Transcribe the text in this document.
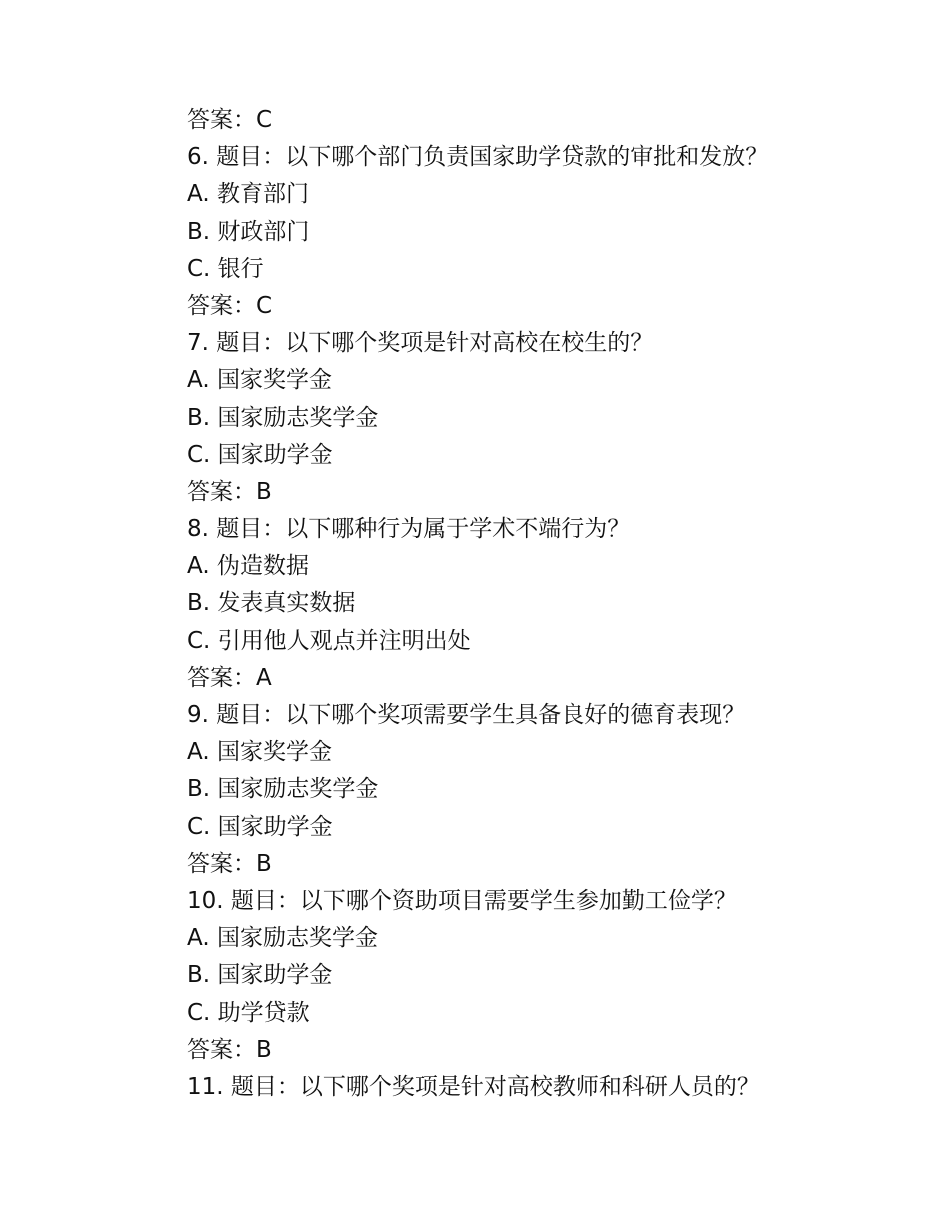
答案：C
6. 题目：以下哪个部门负责国家助学贷款的审批和发放？
A. 教育部门
B. 财政部门
C. 银行
答案：C
7. 题目：以下哪个奖项是针对高校在校生的？
A. 国家奖学金
B. 国家励志奖学金
C. 国家助学金
答案：B
8. 题目：以下哪种行为属于学术不端行为？
A. 伪造数据
B. 发表真实数据
C. 引用他人观点并注明出处
答案：A
9. 题目：以下哪个奖项需要学生具备良好的德育表现？
A. 国家奖学金
B. 国家励志奖学金
C. 国家助学金
答案：B
10. 题目：以下哪个资助项目需要学生参加勤工俭学？
A. 国家励志奖学金
B. 国家助学金
C. 助学贷款
答案：B
11. 题目：以下哪个奖项是针对高校教师和科研人员的？
